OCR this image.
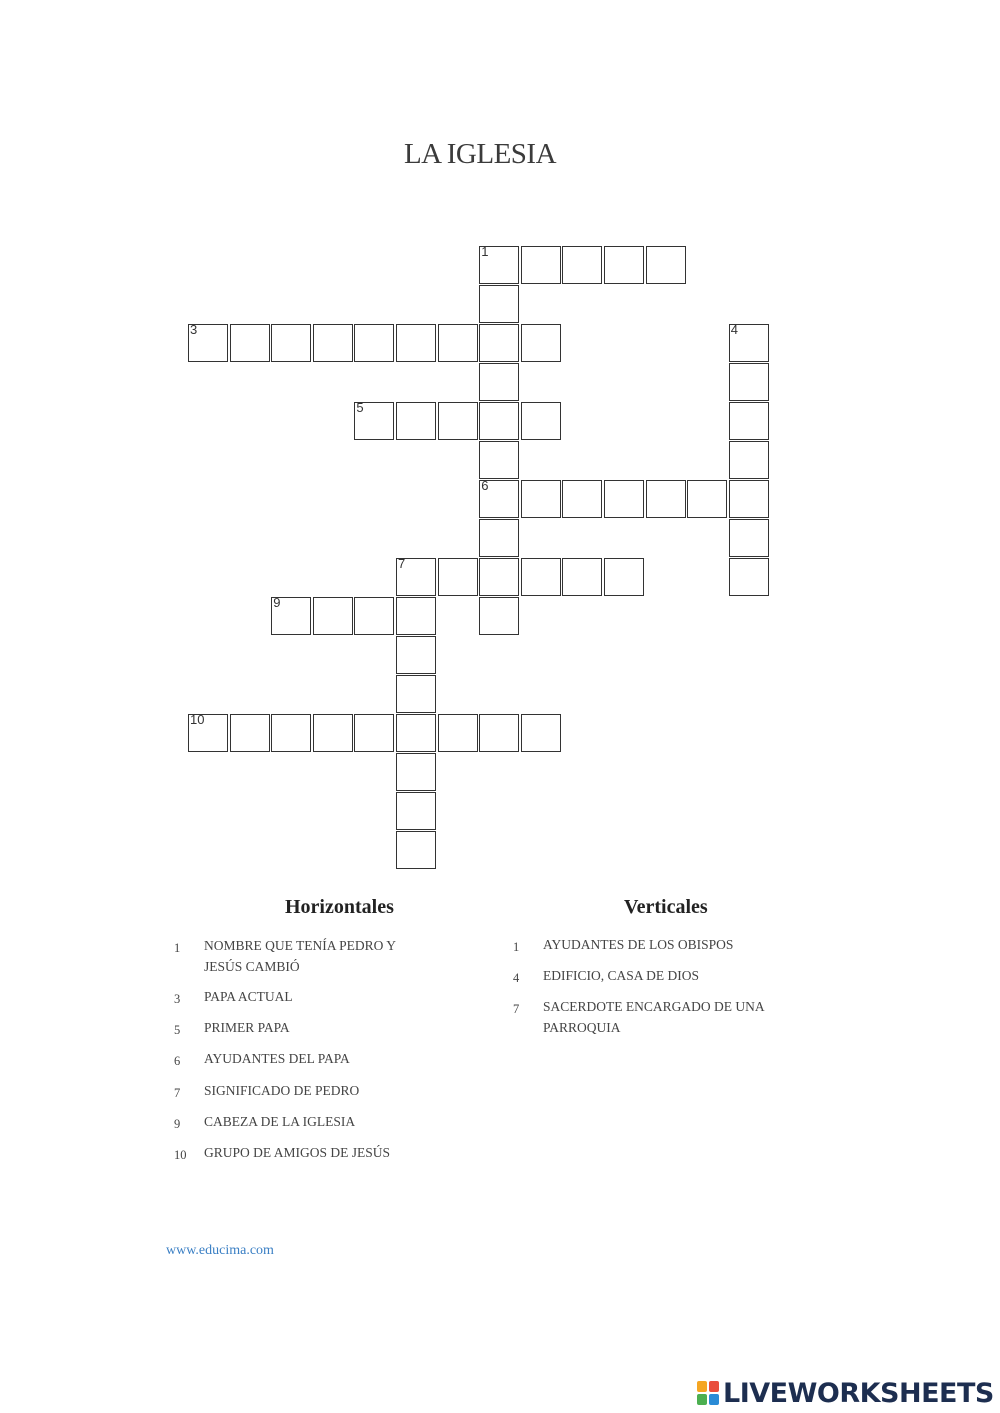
LA IGLESIA
1
6
3	4
5
7
9
10
Horizontales	Verticales
1 NOMBRE QUE TENÍA PEDRO Y JESÚS CAMBIÓ
3 PAPA ACTUAL
5 PRIMER PAPA
6 AYUDANTES DEL PAPA
7 SIGNIFICADO DE PEDRO
9 CABEZA DE LA IGLESIA
10 GRUPO DE AMIGOS DE JESÚS
1 AYUDANTES DE LOS OBISPOS
4 EDIFICIO, CASA DE DIOS
7 SACERDOTE ENCARGADO DE UNA PARROQUIA
www.educima.com
LIVEWORKSHEETS
